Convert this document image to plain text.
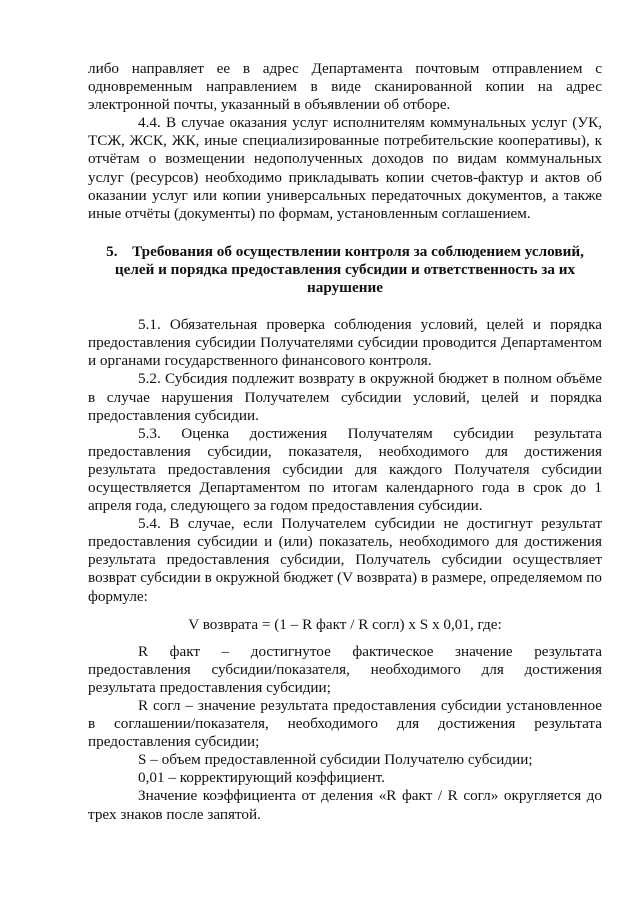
либо направляет ее в адрес Департамента почтовым отправлением с одновременным направлением в виде сканированной копии на адрес электронной почты, указанный в объявлении об отборе.

4.4. В случае оказания услуг исполнителям коммунальных услуг (УК, ТСЖ, ЖСК, ЖК, иные специализированные потребительские кооперативы), к отчётам о возмещении недополученных доходов по видам коммунальных услуг (ресурсов) необходимо прикладывать копии счетов-фактур и актов об оказании услуг или копии универсальных передаточных документов, а также иные отчёты (документы) по формам, установленным соглашением.

5. Требования об осуществлении контроля за соблюдением условий, целей и порядка предоставления субсидии и ответственность за их нарушение

5.1. Обязательная проверка соблюдения условий, целей и порядка предоставления субсидии Получателями субсидии проводится Департаментом и органами государственного финансового контроля.

5.2. Субсидия подлежит возврату в окружной бюджет в полном объёме в случае нарушения Получателем субсидии условий, целей и порядка предоставления субсидии.

5.3. Оценка достижения Получателям субсидии результата предоставления субсидии, показателя, необходимого для достижения результата предоставления субсидии для каждого Получателя субсидии осуществляется Департаментом по итогам календарного года в срок до 1 апреля года, следующего за годом предоставления субсидии.

5.4. В случае, если Получателем субсидии не достигнут результат предоставления субсидии и (или) показатель, необходимого для достижения результата предоставления субсидии, Получатель субсидии осуществляет возврат субсидии в окружной бюджет (V возврата) в размере, определяемом по формуле:

V возврата = (1 – R факт / R согл) x S x 0,01, где:

R факт – достигнутое фактическое значение результата предоставления субсидии/показателя, необходимого для достижения результата предоставления субсидии;

R согл – значение результата предоставления субсидии установленное в соглашении/показателя, необходимого для достижения результата предоставления субсидии;

S – объем предоставленной субсидии Получателю субсидии;

0,01 – корректирующий коэффициент.

Значение коэффициента от деления «R факт / R согл» округляется до трех знаков после запятой.
